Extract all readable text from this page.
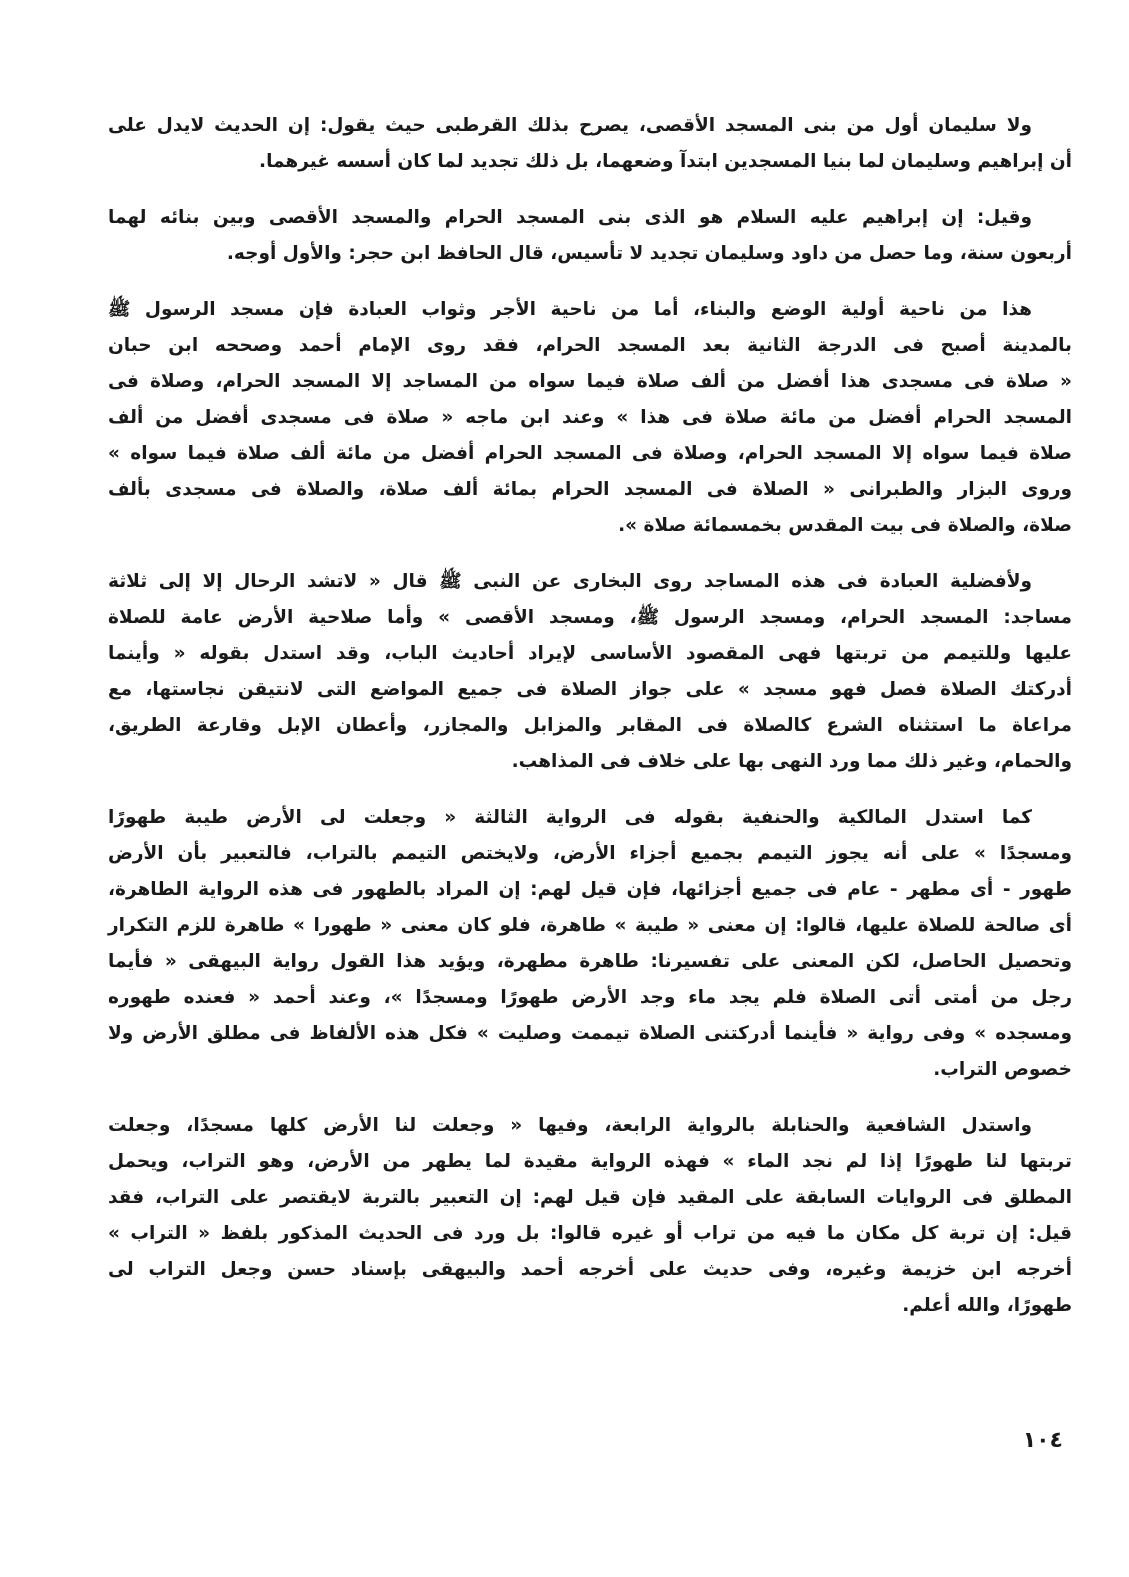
ولا سليمان أول من بنى المسجد الأقصى، يصرح بذلك القرطبى حيث يقول: إن الحديث لايدل على
أن إبراهيم وسليمان لما بنيا المسجدين ابتدآ وضعهما، بل ذلك تجديد لما كان أسسه غيرهما.
وقيل: إن إبراهيم عليه السلام هو الذى بنى المسجد الحرام والمسجد الأقصى وبين بنائه لهما
أربعون سنة، وما حصل من داود وسليمان تجديد لا تأسيس، قال الحافظ ابن حجر: والأول أوجه.
هذا من ناحية أولية الوضع والبناء، أما من ناحية الأجر وثواب العبادة فإن مسجد الرسول ﷺ
بالمدينة أصبح فى الدرجة الثانية بعد المسجد الحرام، فقد روى الإمام أحمد وصححه ابن حبان
« صلاة فى مسجدى هذا أفضل من ألف صلاة فيما سواه من المساجد إلا المسجد الحرام، وصلاة فى
المسجد الحرام أفضل من مائة صلاة فى هذا » وعند ابن ماجه « صلاة فى مسجدى أفضل من ألف
صلاة فيما سواه إلا المسجد الحرام، وصلاة فى المسجد الحرام أفضل من مائة ألف صلاة فيما سواه »
وروى البزار والطبرانى « الصلاة فى المسجد الحرام بمائة ألف صلاة، والصلاة فى مسجدى بألف
صلاة، والصلاة فى بيت المقدس بخمسمائة صلاة ».
ولأفضلية العبادة فى هذه المساجد روى البخارى عن النبى ﷺ قال « لاتشد الرحال إلا إلى ثلاثة
مساجد: المسجد الحرام، ومسجد الرسول ﷺ، ومسجد الأقصى » وأما صلاحية الأرض عامة للصلاة
عليها وللتيمم من تربتها فهى المقصود الأساسى لإيراد أحاديث الباب، وقد استدل بقوله « وأينما
أدركتك الصلاة فصل فهو مسجد » على جواز الصلاة فى جميع المواضع التى لانتيقن نجاستها، مع
مراعاة ما استثناه الشرع كالصلاة فى المقابر والمزابل والمجازر، وأعطان الإبل وقارعة الطريق،
والحمام، وغير ذلك مما ورد النهى بها على خلاف فى المذاهب.
كما استدل المالكية والحنفية بقوله فى الرواية الثالثة « وجعلت لى الأرض طيبة طهورًا
ومسجدًا » على أنه يجوز التيمم بجميع أجزاء الأرض، ولايختص التيمم بالتراب، فالتعبير بأن الأرض
طهور - أى مطهر - عام فى جميع أجزائها، فإن قيل لهم: إن المراد بالطهور فى هذه الرواية الطاهرة،
أى صالحة للصلاة عليها، قالوا: إن معنى « طيبة » طاهرة، فلو كان معنى « طهورا » طاهرة للزم التكرار
وتحصيل الحاصل، لكن المعنى على تفسيرنا: طاهرة مطهرة، ويؤيد هذا القول رواية البيهقى « فأيما
رجل من أمتى أتى الصلاة فلم يجد ماء وجد الأرض طهورًا ومسجدًا »، وعند أحمد « فعنده طهوره
ومسجده » وفى رواية « فأينما أدركتنى الصلاة تيممت وصليت » فكل هذه الألفاظ فى مطلق الأرض ولا
خصوص التراب.
واستدل الشافعية والحنابلة بالرواية الرابعة، وفيها « وجعلت لنا الأرض كلها مسجدًا، وجعلت
تربتها لنا طهورًا إذا لم نجد الماء » فهذه الرواية مقيدة لما يطهر من الأرض، وهو التراب، ويحمل
المطلق فى الروايات السابقة على المقيد فإن قيل لهم: إن التعبير بالتربة لايقتصر على التراب، فقد
قيل: إن تربة كل مكان ما فيه من تراب أو غيره قالوا: بل ورد فى الحديث المذكور بلفظ « التراب »
أخرجه ابن خزيمة وغيره، وفى حديث على أخرجه أحمد والبيهقى بإسناد حسن وجعل التراب لى
طهورًا، والله أعلم.
١٠٤
